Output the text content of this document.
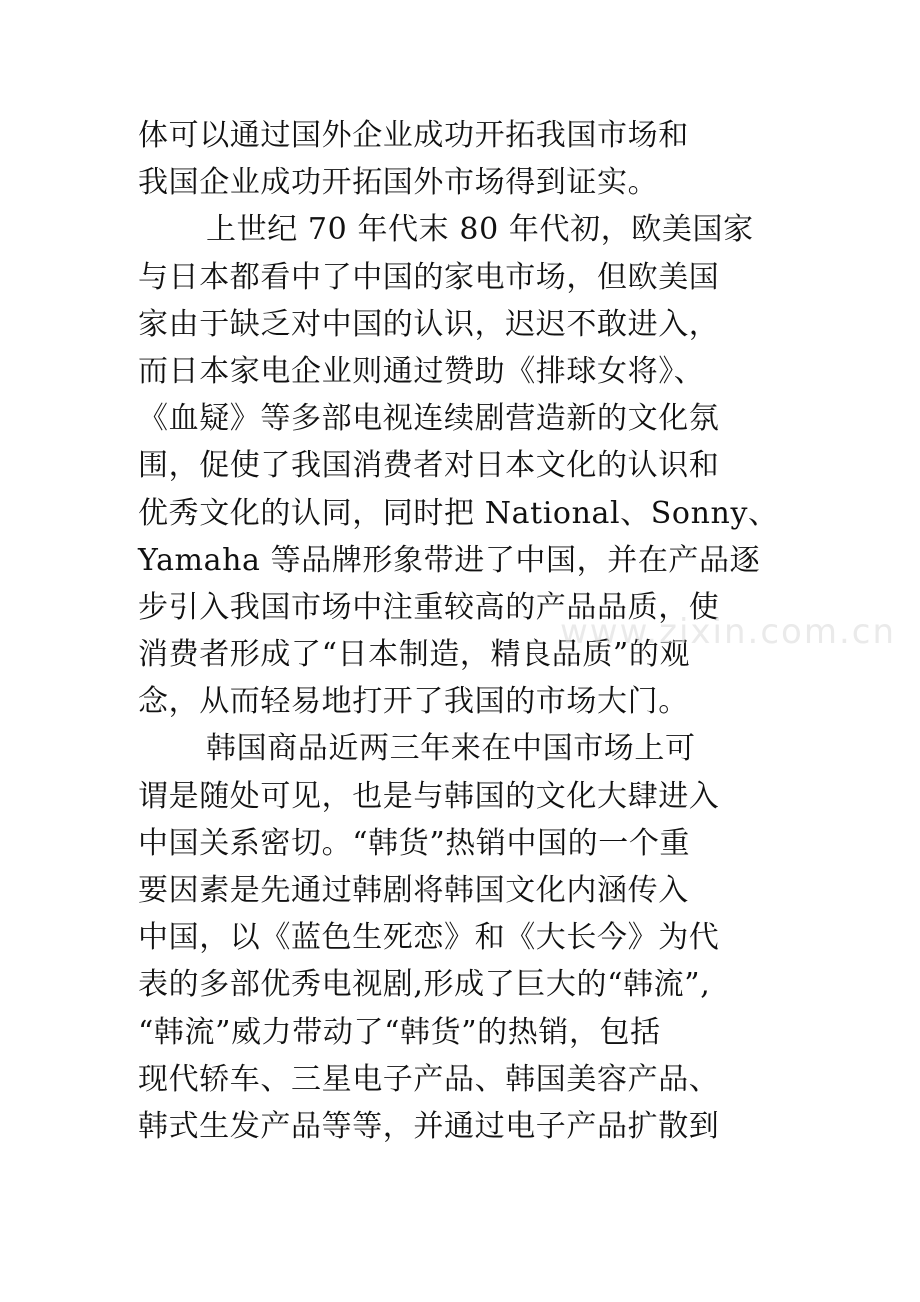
体可以通过国外企业成功开拓我国市场和
我国企业成功开拓国外市场得到证实。
上世纪 70 年代末 80 年代初，欧美国家
与日本都看中了中国的家电市场，但欧美国
家由于缺乏对中国的认识，迟迟不敢进入，
而日本家电企业则通过赞助《排球女将》、
《血疑》等多部电视连续剧营造新的文化氛
围，促使了我国消费者对日本文化的认识和
优秀文化的认同，同时把 National、Sonny、
Yamaha 等品牌形象带进了中国，并在产品逐
步引入我国市场中注重较高的产品品质，使
消费者形成了“日本制造，精良品质”的观
念，从而轻易地打开了我国的市场大门。
韩国商品近两三年来在中国市场上可
谓是随处可见，也是与韩国的文化大肆进入
中国关系密切。“韩货”热销中国的一个重
要因素是先通过韩剧将韩国文化内涵传入
中国，以《蓝色生死恋》和《大长今》为代
表的多部优秀电视剧,形成了巨大的“韩流”,
“韩流”威力带动了“韩货”的热销，包括
现代轿车、三星电子产品、韩国美容产品、
韩式生发产品等等，并通过电子产品扩散到
www.zixin.com.cn
